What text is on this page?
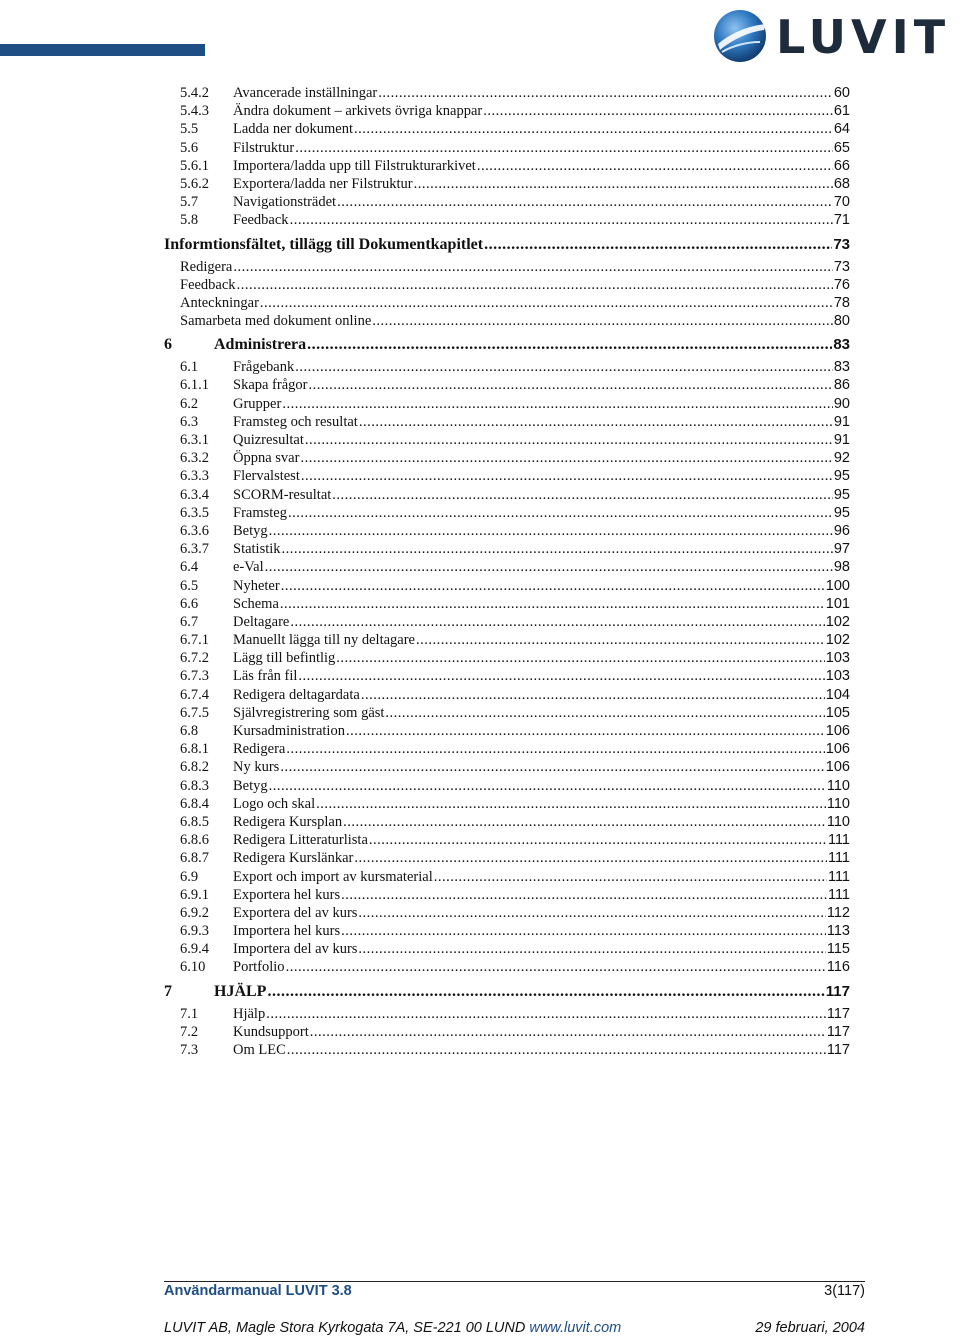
LUVIT
5.4.2	Avancerade inställningar .....	60
5.4.3	Ändra dokument – arkivets övriga knappar .....	61
5.5	Ladda ner dokument .....	64
5.6	Filstruktur .....	65
5.6.1	Importera/ladda upp till Filstrukturarkivet .....	66
5.6.2	Exportera/ladda ner Filstruktur .....	68
5.7	Navigationsträdet .....	70
5.8	Feedback .....	71
Informtionsfältet, tillägg till Dokumentkapitlet .....	73
Redigera .....	73
Feedback .....	76
Anteckningar .....	78
Samarbeta med dokument online .....	80
6	Administrera .....	83
6.1	Frågebank .....	83
6.1.1	Skapa frågor .....	86
6.2	Grupper .....	90
6.3	Framsteg och resultat .....	91
6.3.1	Quizresultat .....	91
6.3.2	Öppna svar .....	92
6.3.3	Flervalstest .....	95
6.3.4	SCORM-resultat .....	95
6.3.5	Framsteg .....	95
6.3.6	Betyg .....	96
6.3.7	Statistik .....	97
6.4	e-Val .....	98
6.5	Nyheter .....	100
6.6	Schema .....	101
6.7	Deltagare .....	102
6.7.1	Manuellt lägga till ny deltagare .....	102
6.7.2	Lägg till befintlig .....	103
6.7.3	Läs från fil .....	103
6.7.4	Redigera deltagardata .....	104
6.7.5	Självregistrering som gäst .....	105
6.8	Kursadministration .....	106
6.8.1	Redigera .....	106
6.8.2	Ny kurs .....	106
6.8.3	Betyg .....	110
6.8.4	Logo och skal .....	110
6.8.5	Redigera Kursplan .....	110
6.8.6	Redigera Litteraturlista .....	111
6.8.7	Redigera Kurslänkar .....	111
6.9	Export och import av kursmaterial .....	111
6.9.1	Exportera hel kurs .....	111
6.9.2	Exportera del av kurs .....	112
6.9.3	Importera hel kurs .....	113
6.9.4	Importera del av kurs .....	115
6.10	Portfolio .....	116
7	HJÄLP .....	117
7.1	Hjälp .....	117
7.2	Kundsupport .....	117
7.3	Om LEC .....	117
Användarmanual LUVIT 3.8	3(117)
LUVIT AB, Magle Stora Kyrkogata 7A, SE-221 00 LUND www.luvit.com	29 februari, 2004
